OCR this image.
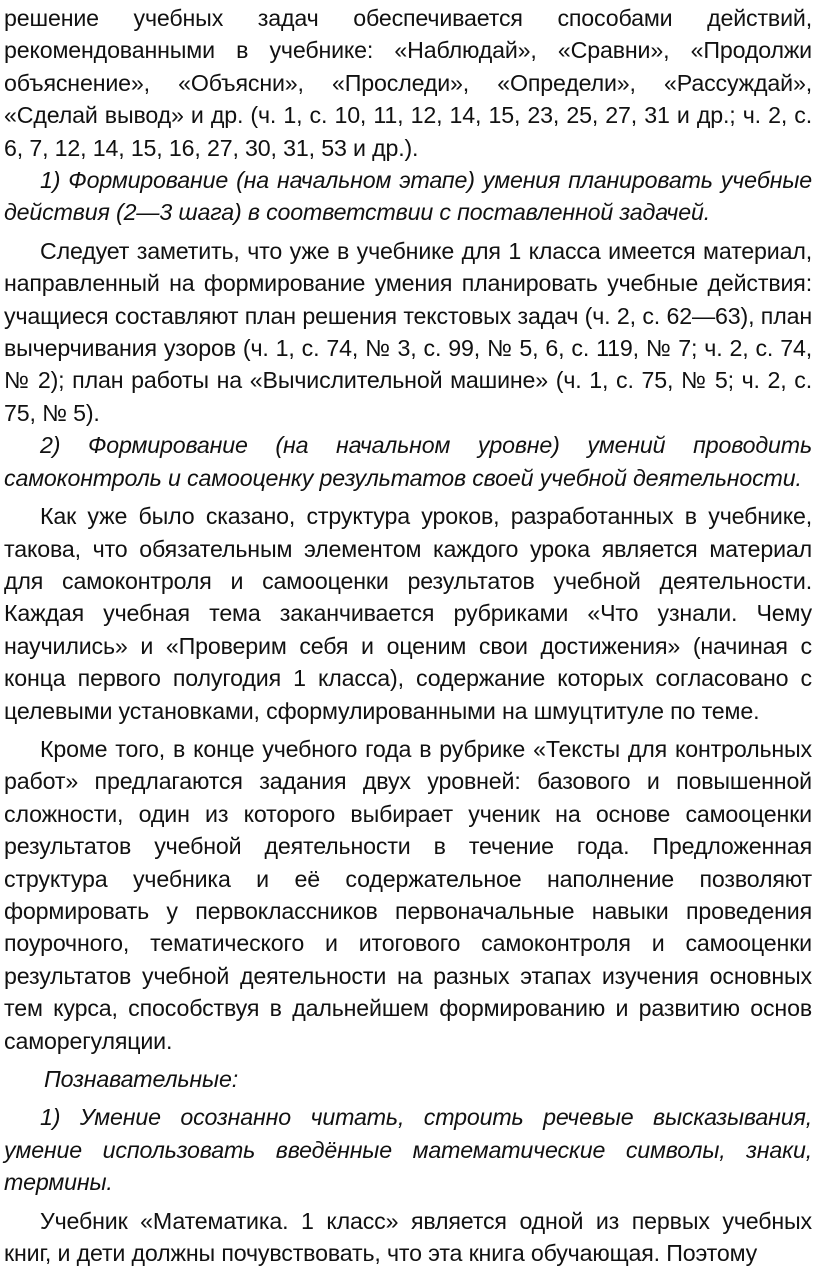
решение учебных задач обеспечивается способами действий, рекомендованными в учебнике: «Наблюдай», «Сравни», «Продолжи объяснение», «Объясни», «Проследи», «Определи», «Рассуждай», «Сделай вывод» и др. (ч. 1, с. 10, 11, 12, 14, 15, 23, 25, 27, 31 и др.; ч. 2, с. 6, 7, 12, 14, 15, 16, 27, 30, 31, 53 и др.).

1) Формирование (на начальном этапе) умения планировать учебные действия (2—3 шага) в соответствии с поставленной задачей.

Следует заметить, что уже в учебнике для 1 класса имеется материал, направленный на формирование умения планировать учебные действия: учащиеся составляют план решения текстовых задач (ч. 2, с. 62—63), план вычерчивания узоров (ч. 1, с. 74, № 3, с. 99, № 5, 6, с. 119, № 7; ч. 2, с. 74, № 2); план работы на «Вычислительной машине» (ч. 1, с. 75, № 5; ч. 2, с. 75, № 5).

2) Формирование (на начальном уровне) умений проводить самоконтроль и самооценку результатов своей учебной деятельности.

Как уже было сказано, структура уроков, разработанных в учебнике, такова, что обязательным элементом каждого урока является материал для самоконтроля и самооценки результатов учебной деятельности. Каждая учебная тема заканчивается рубриками «Что узнали. Чему научились» и «Проверим себя и оценим свои достижения» (начиная с конца первого полугодия 1 класса), содержание которых согласовано с целевыми установками, сформулированными на шмуцтитуле по теме.

Кроме того, в конце учебного года в рубрике «Тексты для контрольных работ» предлагаются задания двух уровней: базового и повышенной сложности, один из которого выбирает ученик на основе самооценки результатов учебной деятельности в течение года. Предложенная структура учебника и её содержательное наполнение позволяют формировать у первоклассников первоначальные навыки проведения поурочного, тематического и итогового самоконтроля и самооценки результатов учебной деятельности на разных этапах изучения основных тем курса, способствуя в дальнейшем формированию и развитию основ саморегуляции.

Познавательные:

1) Умение осознанно читать, строить речевые высказывания, умение использовать введённые математические символы, знаки, термины.

Учебник «Математика. 1 класс» является одной из первых учебных книг, и дети должны почувствовать, что эта книга обучающая. Поэтому
